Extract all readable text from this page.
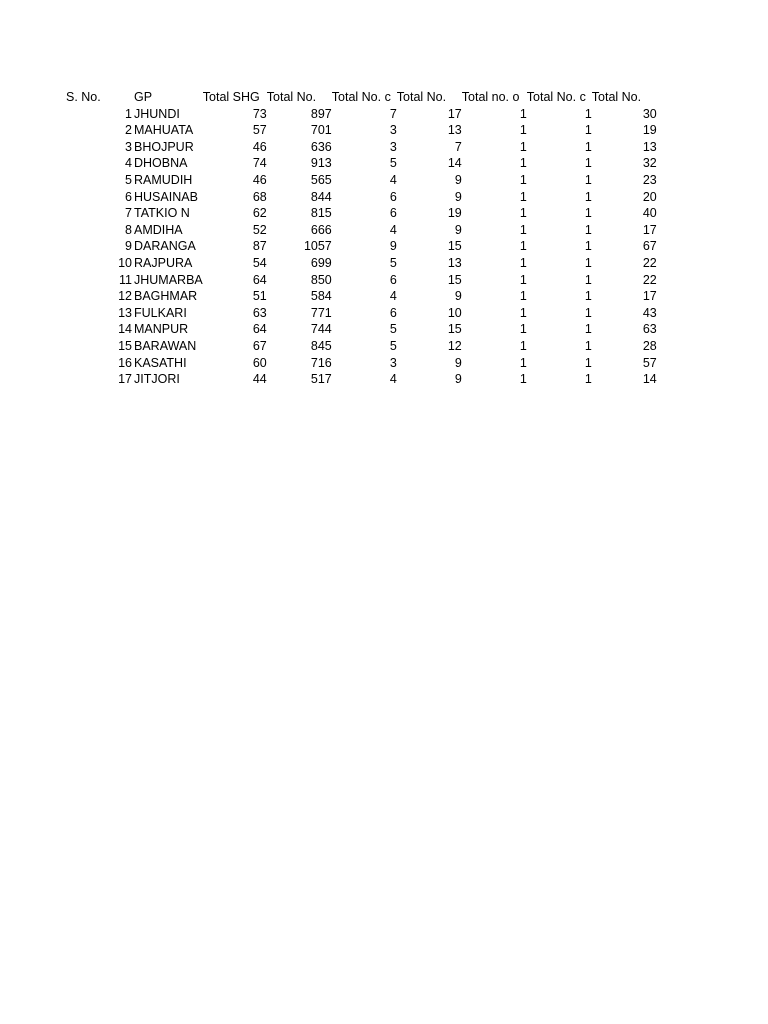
S. No.	GP	Total SHG	Total No.	Total No. c	Total No.	Total no. o	Total No. c	Total No.
1	JHUNDI	73	897	7	17	1	1	30
2	MAHUATA	57	701	3	13	1	1	19
3	BHOJPUR	46	636	3	7	1	1	13
4	DHOBNA	74	913	5	14	1	1	32
5	RAMUDIH	46	565	4	9	1	1	23
6	HUSAINAB	68	844	6	9	1	1	20
7	TATKIO N	62	815	6	19	1	1	40
8	AMDIHA	52	666	4	9	1	1	17
9	DARANGA	87	1057	9	15	1	1	67
10	RAJPURA	54	699	5	13	1	1	22
11	JHUMARBA	64	850	6	15	1	1	22
12	BAGHMAR	51	584	4	9	1	1	17
13	FULKARI	63	771	6	10	1	1	43
14	MANPUR	64	744	5	15	1	1	63
15	BARAWAN	67	845	5	12	1	1	28
16	KASATHI	60	716	3	9	1	1	57
17	JITJORI	44	517	4	9	1	1	14
